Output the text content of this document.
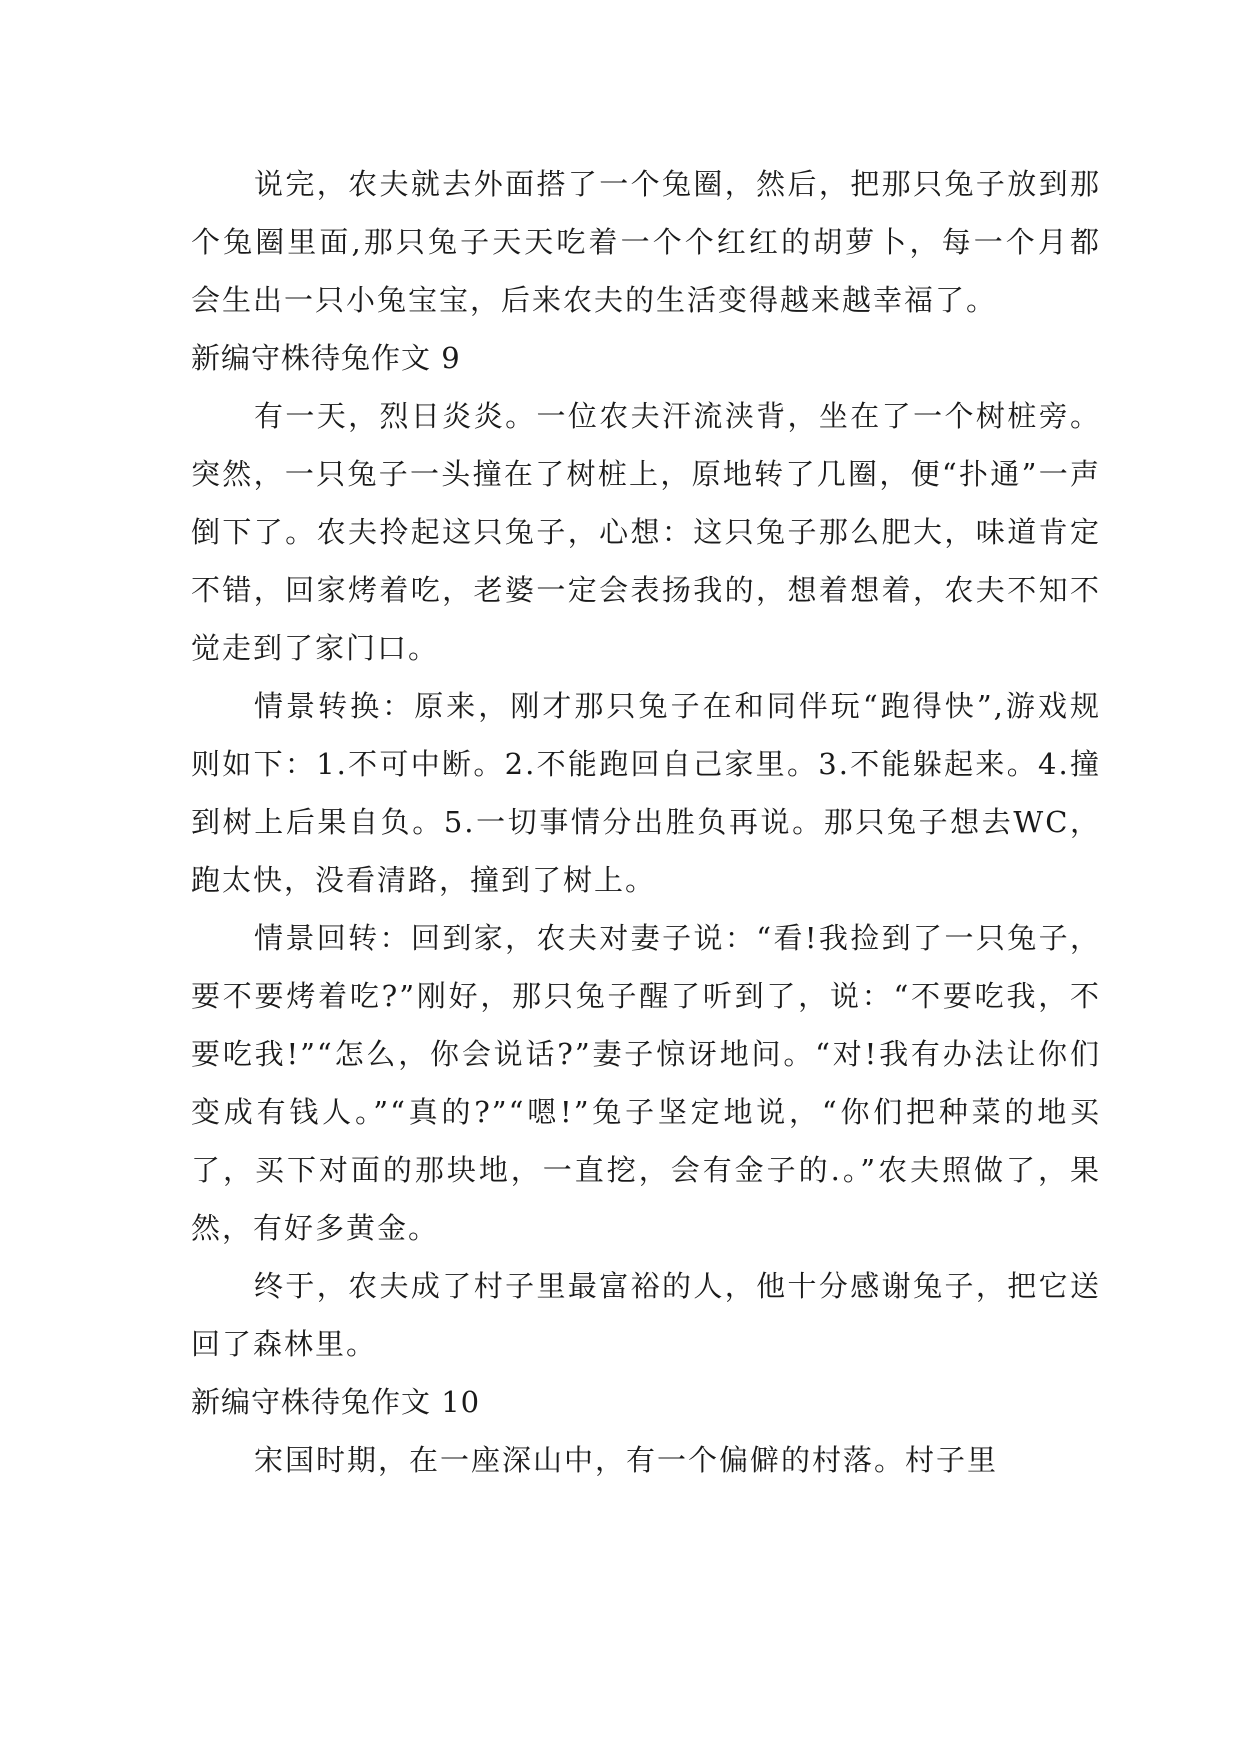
说完，农夫就去外面搭了一个兔圈，然后，把那只兔子放到那个兔圈里面,那只兔子天天吃着一个个红红的胡萝卜，每一个月都会生出一只小兔宝宝，后来农夫的生活变得越来越幸福了。

新编守株待兔作文 9

有一天，烈日炎炎。一位农夫汗流浃背，坐在了一个树桩旁。突然，一只兔子一头撞在了树桩上，原地转了几圈，便“扑通”一声倒下了。农夫拎起这只兔子，心想：这只兔子那么肥大，味道肯定不错，回家烤着吃，老婆一定会表扬我的，想着想着，农夫不知不觉走到了家门口。

情景转换：原来，刚才那只兔子在和同伴玩“跑得快”,游戏规则如下：1.不可中断。2.不能跑回自己家里。3.不能躲起来。4.撞到树上后果自负。5.一切事情分出胜负再说。那只兔子想去WC，跑太快，没看清路，撞到了树上。

情景回转：回到家，农夫对妻子说：“看!我捡到了一只兔子，要不要烤着吃?”刚好，那只兔子醒了听到了，说：“不要吃我，不要吃我!”“怎么，你会说话?”妻子惊讶地问。“对!我有办法让你们变成有钱人。”“真的?”“嗯!”兔子坚定地说，“你们把种菜的地买了，买下对面的那块地，一直挖，会有金子的.。”农夫照做了，果然，有好多黄金。

终于，农夫成了村子里最富裕的人，他十分感谢兔子，把它送回了森林里。

新编守株待兔作文 10

宋国时期，在一座深山中，有一个偏僻的村落。村子里
